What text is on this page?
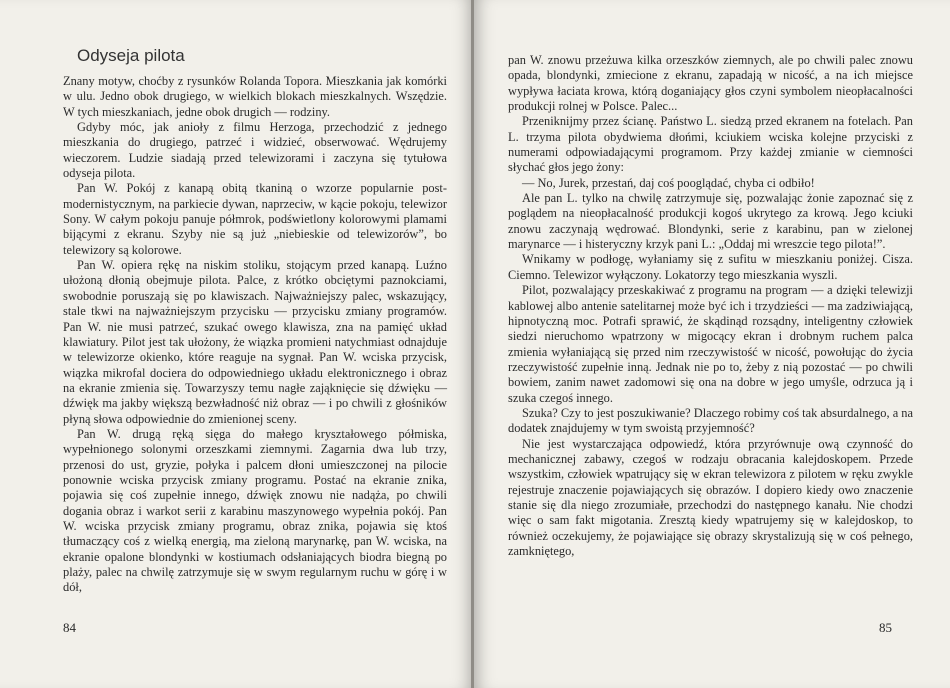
Odyseja pilota

Znany motyw, choćby z rysunków Rolanda Topora. Mieszkania jak komórki w ulu. Jedno obok drugiego, w wielkich blokach mieszkalnych. Wszędzie. W tych mieszkaniach, jedne obok drugich — rodziny.

Gdyby móc, jak anioły z filmu Herzoga, przechodzić z jednego mieszkania do drugiego, patrzeć i widzieć, obserwować. Wędrujemy wieczorem. Ludzie siadają przed telewizorami i zaczyna się tytułowa odyseja pilota.

Pan W. Pokój z kanapą obitą tkaniną o wzorze popularnie post-modernistycznym, na parkiecie dywan, naprzeciw, w kącie pokoju, telewizor Sony. W całym pokoju panuje półmrok, podświetlony kolorowymi plamami bijącymi z ekranu. Szyby nie są już „niebieskie od telewizorów”, bo telewizory są kolorowe.

Pan W. opiera rękę na niskim stoliku, stojącym przed kanapą. Luźno ułożoną dłonią obejmuje pilota. Palce, z krótko obciętymi paznokciami, swobodnie poruszają się po klawiszach. Najważniejszy palec, wskazujący, stale tkwi na najważniejszym przycisku — przycisku zmiany programów. Pan W. nie musi patrzeć, szukać owego klawisza, zna na pamięć układ klawiatury. Pilot jest tak ułożony, że wiązka promieni natychmiast odnajduje w telewizorze okienko, które reaguje na sygnał. Pan W. wciska przycisk, wiązka mikrofal dociera do odpowiedniego układu elektronicznego i obraz na ekranie zmienia się. Towarzyszy temu nagłe zająknięcie się dźwięku — dźwięk ma jakby większą bezwładność niż obraz — i po chwili z głośników płyną słowa odpowiednie do zmienionej sceny.

Pan W. drugą ręką sięga do małego kryształowego półmiska, wypełnionego solonymi orzeszkami ziemnymi. Zagarnia dwa lub trzy, przenosi do ust, gryzie, połyka i palcem dłoni umieszczonej na pilocie ponownie wciska przycisk zmiany programu. Postać na ekranie znika, pojawia się coś zupełnie innego, dźwięk znowu nie nadąża, po chwili dogania obraz i warkot serii z karabinu maszynowego wypełnia pokój. Pan W. wciska przycisk zmiany programu, obraz znika, pojawia się ktoś tłumaczący coś z wielką energią, ma zieloną marynarkę, pan W. wciska, na ekranie opalone blondynki w kostiumach odsłaniających biodra biegną po plaży, palec na chwilę zatrzymuje się w swym regularnym ruchu w górę i w dół,

84

pan W. znowu przeżuwa kilka orzeszków ziemnych, ale po chwili palec znowu opada, blondynki, zmiecione z ekranu, zapadają w nicość, a na ich miejsce wypływa łaciata krowa, którą doganiający głos czyni symbolem nieopłacalności produkcji rolnej w Polsce. Palec...

Przeniknijmy przez ścianę. Państwo L. siedzą przed ekranem na fotelach. Pan L. trzyma pilota obydwiema dłońmi, kciukiem wciska kolejne przyciski z numerami odpowiadającymi programom. Przy każdej zmianie w ciemności słychać głos jego żony:

— No, Jurek, przestań, daj coś pooglądać, chyba ci odbiło!

Ale pan L. tylko na chwilę zatrzymuje się, pozwalając żonie zapoznać się z poglądem na nieopłacalność produkcji kogoś ukrytego za krową. Jego kciuki znowu zaczynają wędrować. Blondynki, serie z karabinu, pan w zielonej marynarce — i histeryczny krzyk pani L.: „Oddaj mi wreszcie tego pilota!”.

Wnikamy w podłogę, wyłaniamy się z sufitu w mieszkaniu poniżej. Cisza. Ciemno. Telewizor wyłączony. Lokatorzy tego mieszkania wyszli.

Pilot, pozwalający przeskakiwać z programu na program — a dzięki telewizji kablowej albo antenie satelitarnej może być ich i trzydzieści — ma zadziwiającą, hipnotyczną moc. Potrafi sprawić, że skądinąd rozsądny, inteligentny człowiek siedzi nieruchomo wpatrzony w migocący ekran i drobnym ruchem palca zmienia wyłaniającą się przed nim rzeczywistość w nicość, powołując do życia rzeczywistość zupełnie inną. Jednak nie po to, żeby z nią pozostać — po chwili bowiem, zanim nawet zadomowi się ona na dobre w jego umyśle, odrzuca ją i szuka czegoś innego.

Szuka? Czy to jest poszukiwanie? Dlaczego robimy coś tak absurdalnego, a na dodatek znajdujemy w tym swoistą przyjemność?

Nie jest wystarczająca odpowiedź, która przyrównuje ową czynność do mechanicznej zabawy, czegoś w rodzaju obracania kalejdoskopem. Przede wszystkim, człowiek wpatrujący się w ekran telewizora z pilotem w ręku zwykle rejestruje znaczenie pojawiających się obrazów. I dopiero kiedy owo znaczenie stanie się dla niego zrozumiałe, przechodzi do następnego kanału. Nie chodzi więc o sam fakt migotania. Zresztą kiedy wpatrujemy się w kalejdoskop, to również oczekujemy, że pojawiające się obrazy skrystalizują się w coś pełnego, zamkniętego,

85
